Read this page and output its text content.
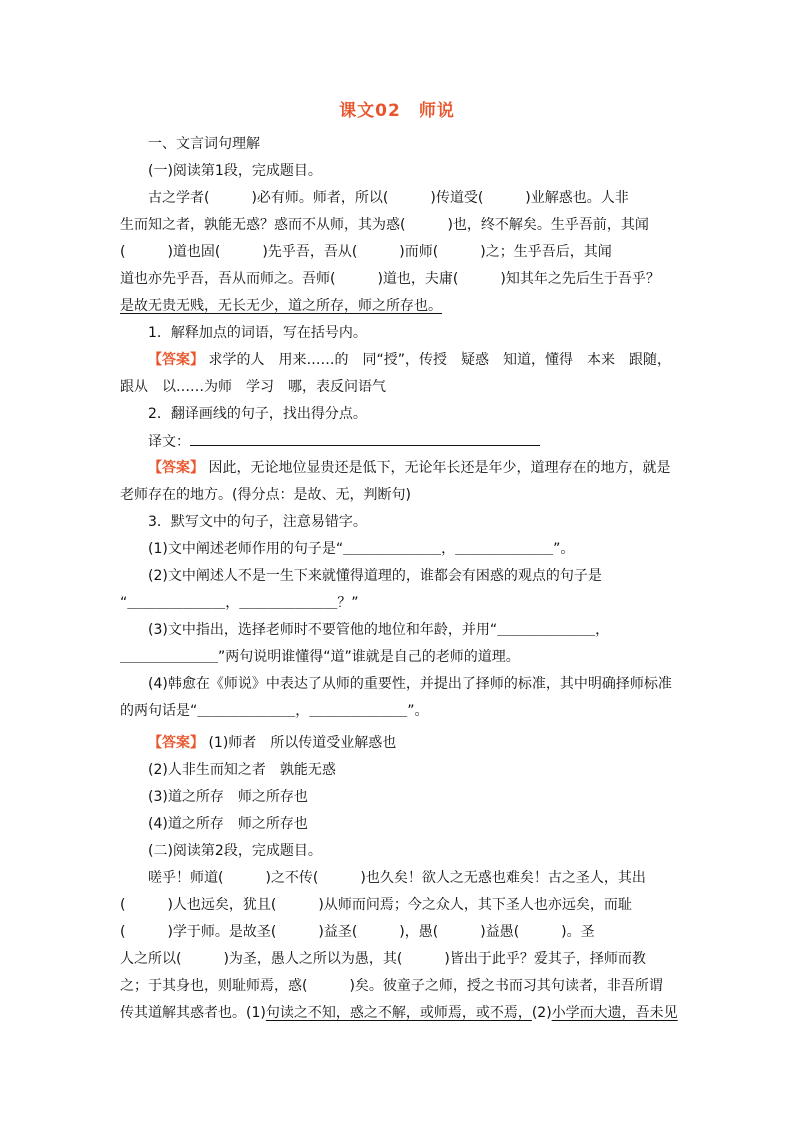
课文02　师说
一、文言词句理解
(一)阅读第1段，完成题目。
古之学者(　　　)必有师。师者，所以(　　　)传道受(　　　)业解惑也。人非
生而知之者，孰能无惑？惑而不从师，其为惑(　　　)也，终不解矣。生乎吾前，其闻
(　　　)道也固(　　　)先乎吾，吾从(　　　)而师(　　　)之；生乎吾后，其闻
道也亦先乎吾，吾从而师之。吾师(　　　)道也，夫庸(　　　)知其年之先后生于吾乎？
是故无贵无贱，无长无少，道之所存，师之所存也。
1．解释加点的词语，写在括号内。
【答案】 求学的人　用来……的　同“授”，传授　疑惑　知道，懂得　本来　跟随，
跟从　以……为师　学习　哪，表反问语气
2．翻译画线的句子，找出得分点。
译文：
【答案】 因此，无论地位显贵还是低下，无论年长还是年少，道理存在的地方，就是
老师存在的地方。(得分点：是故、无，判断句)
3．默写文中的句子，注意易错字。
(1)文中阐述老师作用的句子是“＿＿＿＿＿＿＿，＿＿＿＿＿＿＿”。
(2)文中阐述人不是一生下来就懂得道理的，谁都会有困惑的观点的句子是
“＿＿＿＿＿＿＿，＿＿＿＿＿＿＿？”
(3)文中指出，选择老师时不要管他的地位和年龄，并用“＿＿＿＿＿＿＿，
＿＿＿＿＿＿＿”两句说明谁懂得“道”谁就是自己的老师的道理。
(4)韩愈在《师说》中表达了从师的重要性，并提出了择师的标准，其中明确择师标准
的两句话是“＿＿＿＿＿＿＿，＿＿＿＿＿＿＿”。
【答案】 (1)师者　所以传道受业解惑也
(2)人非生而知之者　孰能无惑
(3)道之所存　师之所存也
(4)道之所存　师之所存也
(二)阅读第2段，完成题目。
嗟乎！师道(　　　)之不传(　　　)也久矣！欲人之无惑也难矣！古之圣人，其出
(　　　)人也远矣，犹且(　　　)从师而问焉；今之众人，其下圣人也亦远矣，而耻
(　　　)学于师。是故圣(　　　)益圣(　　　)，愚(　　　)益愚(　　　)。圣
人之所以(　　　)为圣，愚人之所以为愚，其(　　　)皆出于此乎？爱其子，择师而教
之；于其身也，则耻师焉，惑(　　　)矣。彼童子之师，授之书而习其句读者，非吾所谓
传其道解其惑者也。(1)句读之不知，惑之不解，或师焉，或不焉，(2)小学而大遗，吾未见
